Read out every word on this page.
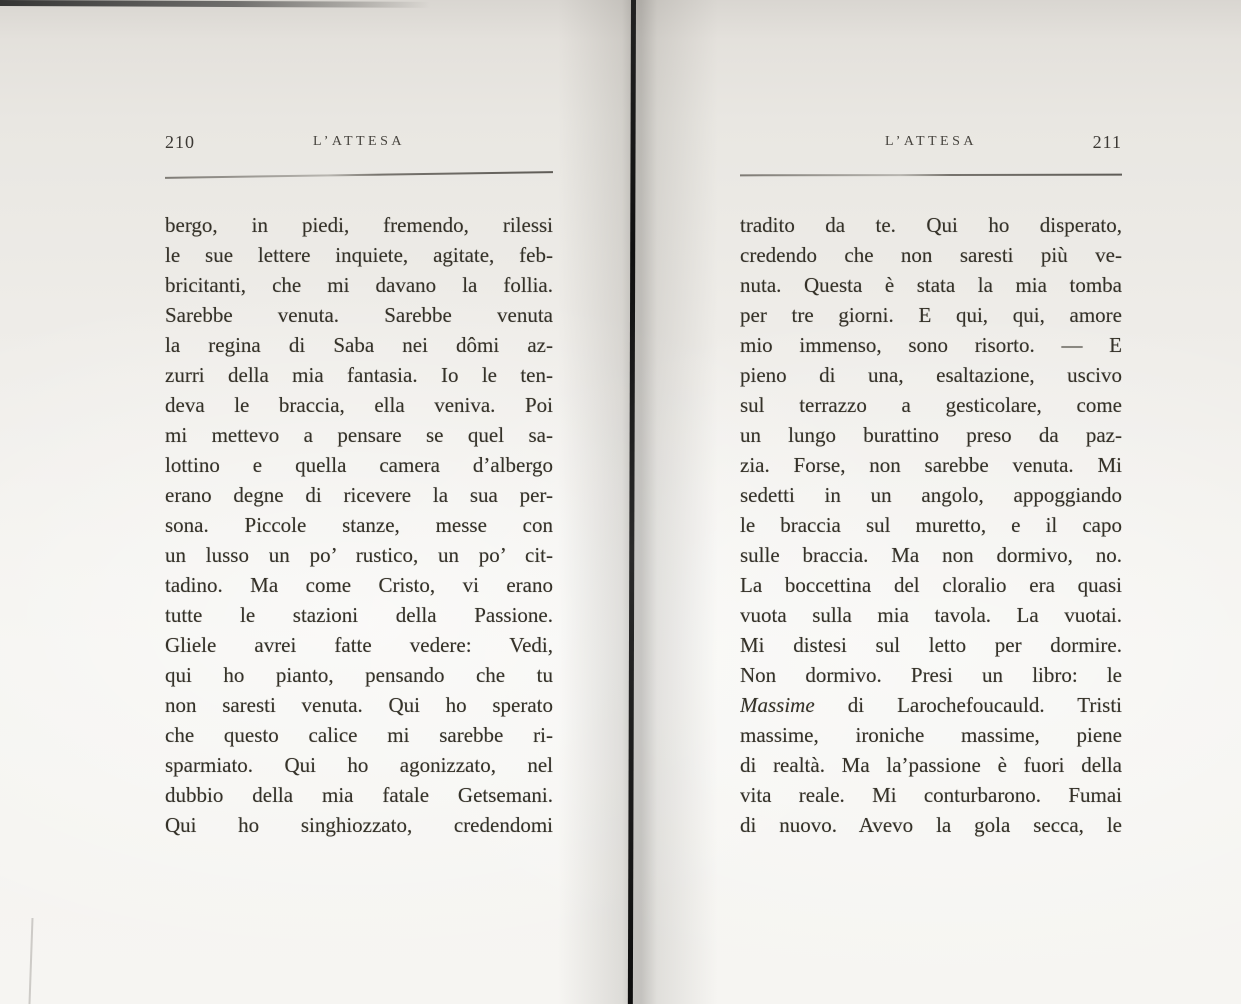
210	L’ATTESA
bergo, in piedi, fremendo, rilessi
le sue lettere inquiete, agitate, feb-
bricitanti, che mi davano la follia.
Sarebbe venuta. Sarebbe venuta
la regina di Saba nei dômi az-
zurri della mia fantasia. Io le ten-
deva le braccia, ella veniva. Poi
mi mettevo a pensare se quel sa-
lottino e quella camera d’albergo
erano degne di ricevere la sua per-
sona. Piccole stanze, messe con
un lusso un po’ rustico, un po’ cit-
tadino. Ma come Cristo, vi erano
tutte le stazioni della Passione.
Gliele avrei fatte vedere: Vedi,
qui ho pianto, pensando che tu
non saresti venuta. Qui ho sperato
che questo calice mi sarebbe ri-
sparmiato. Qui ho agonizzato, nel
dubbio della mia fatale Getsemani.
Qui ho singhiozzato, credendomi
L’ATTESA	211
tradito da te. Qui ho disperato,
credendo che non saresti più ve-
nuta. Questa è stata la mia tomba
per tre giorni. E qui, qui, amore
mio immenso, sono risorto. — E
pieno di una, esaltazione, uscivo
sul terrazzo a gesticolare, come
un lungo burattino preso da paz-
zia. Forse, non sarebbe venuta. Mi
sedetti in un angolo, appoggiando
le braccia sul muretto, e il capo
sulle braccia. Ma non dormivo, no.
La boccettina del cloralio era quasi
vuota sulla mia tavola. La vuotai.
Mi distesi sul letto per dormire.
Non dormivo. Presi un libro: le
Massime di Larochefoucauld. Tristi
massime, ironiche massime, piene
di realtà. Ma la’passione è fuori della
vita reale. Mi conturbarono. Fumai
di nuovo. Avevo la gola secca, le
